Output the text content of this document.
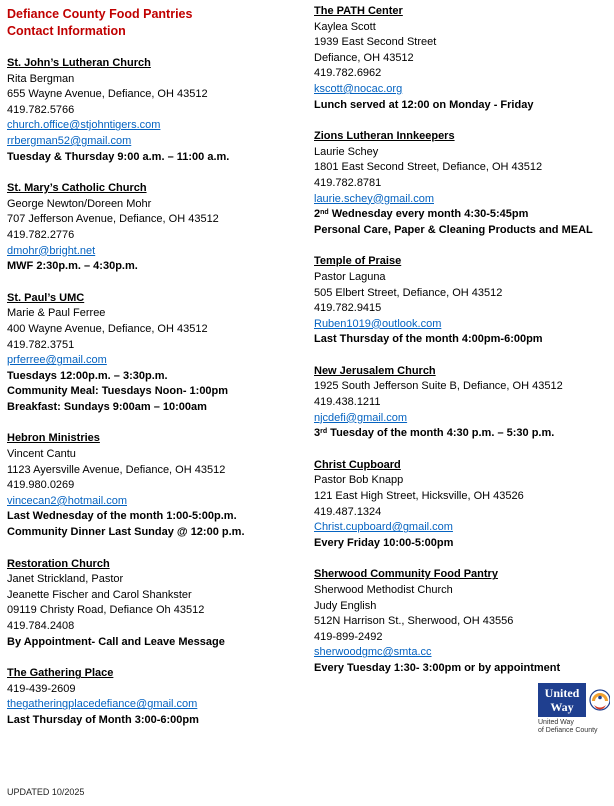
Defiance County Food Pantries
Contact Information
St. John’s Lutheran Church
Rita Bergman
655 Wayne Avenue, Defiance, OH 43512
419.782.5766
church.office@stjohntigers.com
rrbergman52@gmail.com
Tuesday & Thursday 9:00 a.m. – 11:00 a.m.
St. Mary’s Catholic Church
George Newton/Doreen Mohr
707 Jefferson Avenue, Defiance, OH 43512
419.782.2776
dmohr@bright.net
MWF 2:30p.m. – 4:30p.m.
St. Paul’s UMC
Marie & Paul Ferree
400 Wayne Avenue, Defiance, OH 43512
419.782.3751
prferree@gmail.com
Tuesdays 12:00p.m. – 3:30p.m.
Community Meal: Tuesdays Noon- 1:00pm
Breakfast: Sundays 9:00am – 10:00am
Hebron Ministries
Vincent Cantu
1123 Ayersville Avenue, Defiance, OH 43512
419.980.0269
vincecan2@hotmail.com
Last Wednesday of the month 1:00-5:00p.m.
Community Dinner Last Sunday @ 12:00 p.m.
Restoration Church
Janet Strickland, Pastor
Jeanette Fischer and Carol Shankster
09119 Christy Road, Defiance Oh 43512
419.784.2408
By Appointment- Call and Leave Message
The Gathering Place
419-439-2609
thegatheringplacedefiance@gmail.com
Last Thursday of Month 3:00-6:00pm
The PATH Center
Kaylea Scott
1939 East Second Street
Defiance, OH 43512
419.782.6962
kscott@nocac.org
Lunch served at 12:00 on Monday - Friday
Zions Lutheran Innkeepers
Laurie Schey
1801 East Second Street, Defiance, OH 43512
419.782.8781
laurie.schey@gmail.com
2nd Wednesday every month 4:30-5:45pm
Personal Care, Paper & Cleaning Products and MEAL
Temple of Praise
Pastor Laguna
505 Elbert Street, Defiance, OH 43512
419.782.9415
Ruben1019@outlook.com
Last Thursday of the month 4:00pm-6:00pm
New Jerusalem Church
1925 South Jefferson Suite B, Defiance, OH 43512
419.438.1211
njcdefi@gmail.com
3rd Tuesday of the month 4:30 p.m. – 5:30 p.m.
Christ Cupboard
Pastor Bob Knapp
121 East High Street, Hicksville, OH 43526
419.487.1324
Christ.cupboard@gmail.com
Every Friday 10:00-5:00pm
Sherwood Community Food Pantry
Sherwood Methodist Church
Judy English
512N Harrison St., Sherwood, OH 43556
419-899-2492
sherwoodgmc@smta.cc
Every Tuesday 1:30- 3:00pm or by appointment
United
Way
United Way
of Defiance County
UPDATED 10/2025
